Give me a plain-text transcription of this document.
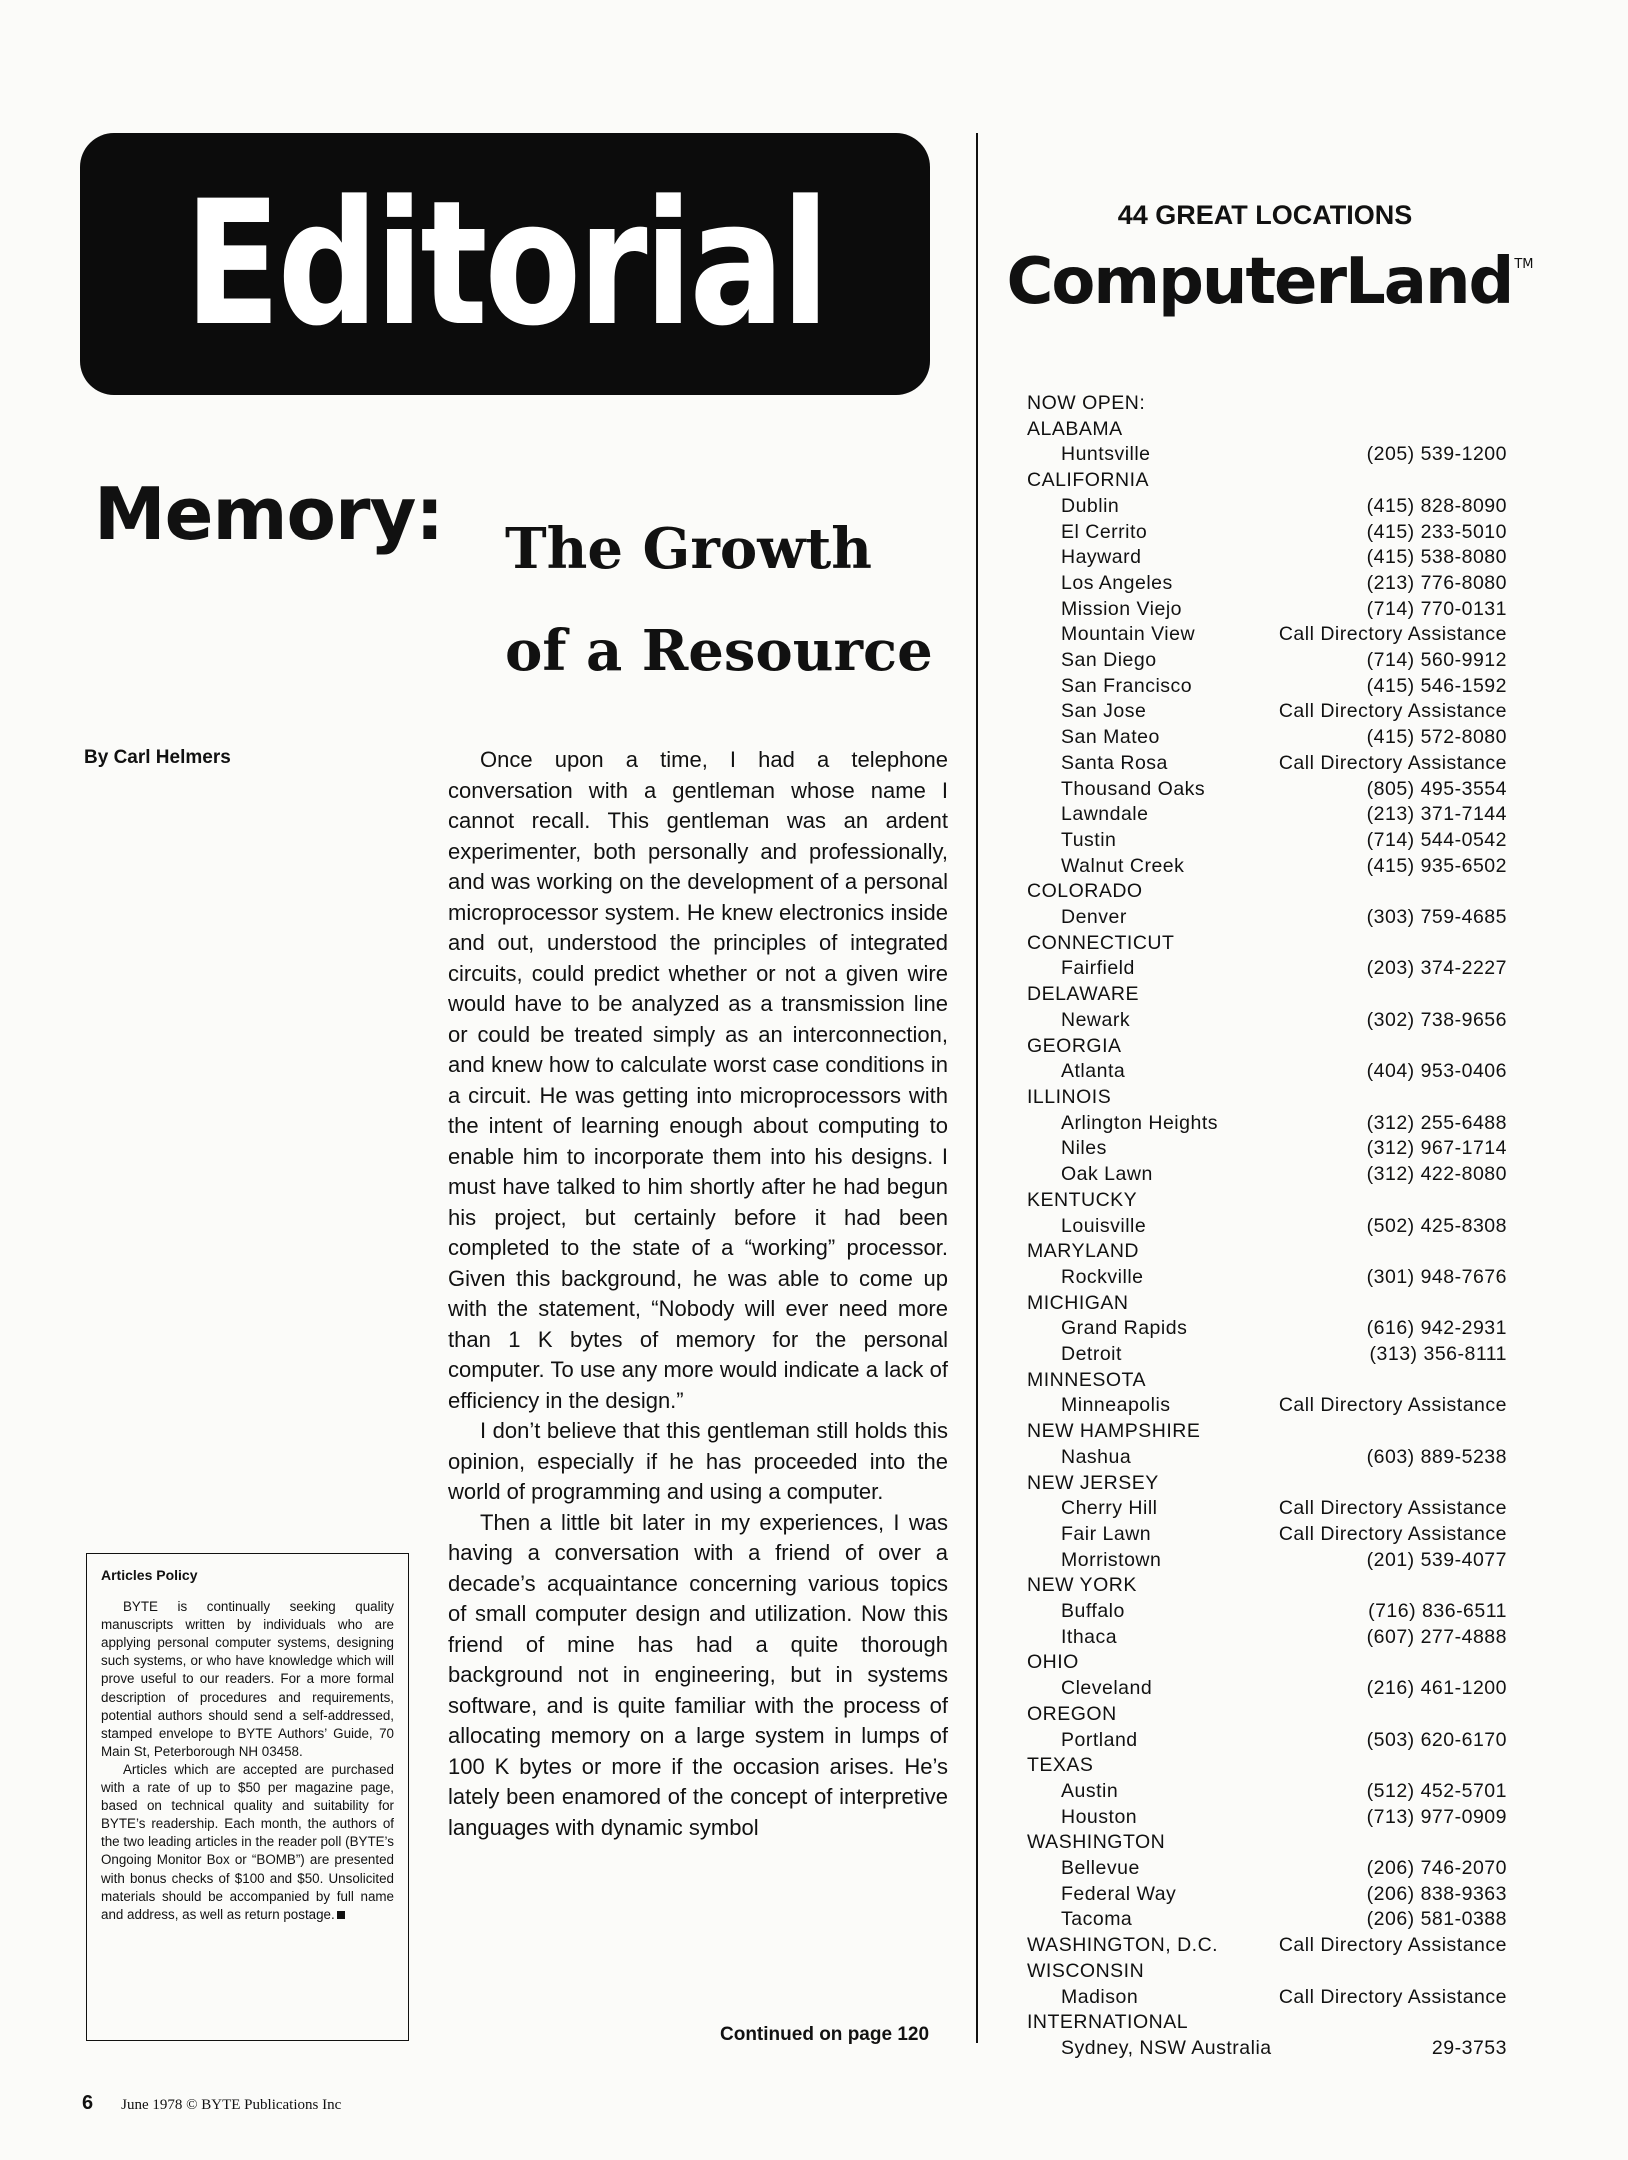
Editorial
Memory: The Growth
of a Resource
By Carl Helmers	Once upon a time, I had a telephone conversation with a gentleman whose name I cannot recall. This gentleman was an ardent experimenter, both personally and professionally, and was working on the development of a personal microprocessor system. He knew electronics inside and out, understood the principles of integrated circuits, could predict whether or not a given wire would have to be analyzed as a transmission line or could be treated simply as an interconnection, and knew how to calculate worst case conditions in a circuit. He was getting into microprocessors with the intent of learning enough about computing to enable him to incorporate them into his designs. I must have talked to him shortly after he had begun his project, but certainly before it had been completed to the state of a “working” processor. Given this background, he was able to come up with the statement, “Nobody will ever need more than 1 K bytes of memory for the personal computer. To use any more would indicate a lack of efficiency in the design.”

I don’t believe that this gentleman still holds this opinion, especially if he has proceeded into the world of programming and using a computer.

Then a little bit later in my experiences, I was having a conversation with a friend of over a decade’s acquaintance concerning various topics of small computer design and utilization. Now this friend of mine has had a quite thorough background not in engineering, but in systems software, and is quite familiar with the process of allocating memory on a large system in lumps of 100 K bytes or more if the occasion arises. He’s lately been enamored of the concept of interpretive languages with dynamic symbol

Continued on page 120
Articles Policy

BYTE is continually seeking quality manuscripts written by individuals who are applying personal computer systems, designing such systems, or who have knowledge which will prove useful to our readers. For a more formal description of procedures and requirements, potential authors should send a self-addressed, stamped envelope to BYTE Authors’ Guide, 70 Main St, Peterborough NH 03458.

Articles which are accepted are purchased with a rate of up to $50 per magazine page, based on technical quality and suitability for BYTE’s readership. Each month, the authors of the two leading articles in the reader poll (BYTE’s Ongoing Monitor Box or “BOMB”) are presented with bonus checks of $100 and $50. Unsolicited materials should be accompanied by full name and address, as well as return postage.

6 June 1978 © BYTE Publications Inc
44 GREAT LOCATIONS
ComputerLand ™
NOW OPEN:
ALABAMA
Huntsville	(205) 539-1200
CALIFORNIA
Dublin	(415) 828-8090
El Cerrito	(415) 233-5010
Hayward	(415) 538-8080
Los Angeles	(213) 776-8080
Mission Viejo	(714) 770-0131
Mountain View	Call Directory Assistance
San Diego	(714) 560-9912
San Francisco	(415) 546-1592
San Jose	Call Directory Assistance
San Mateo	(415) 572-8080
Santa Rosa	Call Directory Assistance
Thousand Oaks	(805) 495-3554
Lawndale	(213) 371-7144
Tustin	(714) 544-0542
Walnut Creek	(415) 935-6502
COLORADO
Denver	(303) 759-4685
CONNECTICUT
Fairfield	(203) 374-2227
DELAWARE
Newark	(302) 738-9656
GEORGIA
Atlanta	(404) 953-0406
ILLINOIS
Arlington Heights	(312) 255-6488
Niles	(312) 967-1714
Oak Lawn	(312) 422-8080
KENTUCKY
Louisville	(502) 425-8308
MARYLAND
Rockville	(301) 948-7676
MICHIGAN
Grand Rapids	(616) 942-2931
Detroit	(313) 356-8111
MINNESOTA
Minneapolis	Call Directory Assistance
NEW HAMPSHIRE
Nashua	(603) 889-5238
NEW JERSEY
Cherry Hill	Call Directory Assistance
Fair Lawn	Call Directory Assistance
Morristown	(201) 539-4077
NEW YORK
Buffalo	(716) 836-6511
Ithaca	(607) 277-4888
OHIO
Cleveland	(216) 461-1200
OREGON
Portland	(503) 620-6170
TEXAS
Austin	(512) 452-5701
Houston	(713) 977-0909
WASHINGTON
Bellevue	(206) 746-2070
Federal Way	(206) 838-9363
Tacoma	(206) 581-0388
WASHINGTON, D.C.	Call Directory Assistance
WISCONSIN
Madison	Call Directory Assistance
INTERNATIONAL
Sydney, NSW Australia	29-3753
